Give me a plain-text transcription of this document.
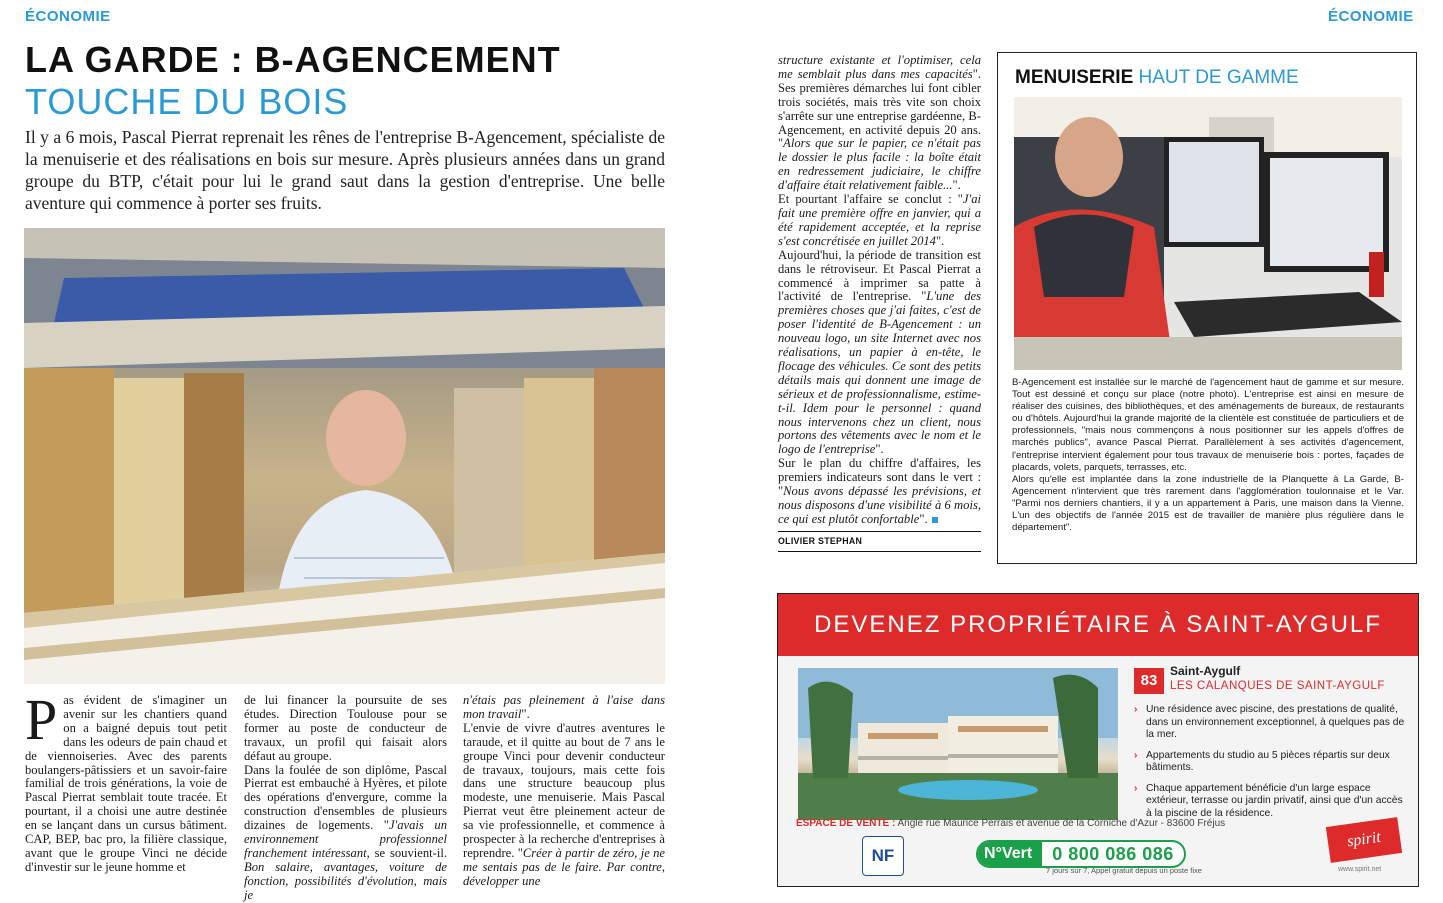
ÉCONOMIE
LA GARDE : B-AGENCEMENT
TOUCHE DU BOIS
Il y a 6 mois, Pascal Pierrat reprenait les rênes de l'entreprise B-Agencement, spécialiste de la menuiserie et des réalisations en bois sur mesure. Après plusieurs années dans un grand groupe du BTP, c'était pour lui le grand saut dans la gestion d'entreprise. Une belle aventure qui commence à porter ses fruits.
P as évident de s'imaginer un avenir sur les chantiers quand on a baigné depuis tout petit dans les odeurs de pain chaud et de viennoiseries. Avec des parents boulangers-pâtissiers et un savoir-faire familial de trois générations, la voie de Pascal Pierrat semblait toute tracée. Et pourtant, il a choisi une autre destinée en se lançant dans un cursus bâtiment. CAP, BEP, bac pro, la filière classique, avant que le groupe Vinci ne décide d'investir sur le jeune homme et

de lui financer la poursuite de ses études. Direction Toulouse pour se former au poste de conducteur de travaux, un profil qui faisait alors défaut au groupe.

Dans la foulée de son diplôme, Pascal Pierrat est embauché à Hyères, et pilote des opérations d'envergure, comme la construction d'ensembles de plusieurs dizaines de logements. "J'avais un environnement professionnel franchement intéressant, se souvient-il. Bon salaire, avantages, voiture de fonction, possibilités d'évolution, mais je

n'étais pas pleinement à l'aise dans mon travail".

L'envie de vivre d'autres aventures le taraude, et il quitte au bout de 7 ans le groupe Vinci pour devenir conducteur de travaux, toujours, mais cette fois dans une structure beaucoup plus modeste, une menuiserie. Mais Pascal Pierrat veut être pleinement acteur de sa vie professionnelle, et commence à prospecter à la recherche d'entreprises à reprendre. "Créer à partir de zéro, je ne me sentais pas de le faire. Par contre, développer une

ÉCONOMIE

structure existante et l'optimiser, cela me semblait plus dans mes capacités". Ses premières démarches lui font cibler trois sociétés, mais très vite son choix s'arrête sur une entreprise gardéenne, B-Agencement, en activité depuis 20 ans. "Alors que sur le papier, ce n'était pas le dossier le plus facile : la boîte était en redressement judiciaire, le chiffre d'affaire était relativement faible...".

Et pourtant l'affaire se conclut : "J'ai fait une première offre en janvier, qui a été rapidement acceptée, et la reprise s'est concrétisée en juillet 2014".

Aujourd'hui, la période de transition est dans le rétroviseur. Et Pascal Pierrat a commencé à imprimer sa patte à l'activité de l'entreprise. "L'une des premières choses que j'ai faites, c'est de poser l'identité de B-Agencement : un nouveau logo, un site Internet avec nos réalisations, un papier à en-tête, le flocage des véhicules. Ce sont des petits détails mais qui donnent une image de sérieux et de professionnalisme, estime-t-il. Idem pour le personnel : quand nous intervenons chez un client, nous portons des vêtements avec le nom et le logo de l'entreprise".

Sur le plan du chiffre d'affaires, les premiers indicateurs sont dans le vert : "Nous avons dépassé les prévisions, et nous disposons d'une visibilité à 6 mois, ce qui est plutôt confortable".

OLIVIER STEPHAN
MENUISERIE HAUT DE GAMME
B-Agencement est installée sur le marché de l'agencement haut de gamme et sur mesure. Tout est dessiné et conçu sur place (notre photo). L'entreprise est ainsi en mesure de réaliser des cuisines, des bibliothèques, et des aménagements de bureaux, de restaurants ou d'hôtels. Aujourd'hui la grande majorité de la clientèle est constituée de particuliers et de professionnels, "mais nous commençons à nous positionner sur les appels d'offres de marchés publics", avance Pascal Pierrat. Parallèlement à ses activités d'agencement, l'entreprise intervient également pour tous travaux de menuiserie bois : portes, façades de placards, volets, parquets, terrasses, etc.
Alors qu'elle est implantée dans la zone industrielle de la Planquette à La Garde, B-Agencement n'intervient que très rarement dans l'agglomération toulonnaise et le Var. "Parmi nos derniers chantiers, il y a un appartement à Paris, une maison dans la Vienne. L'un des objectifs de l'année 2015 est de travailler de manière plus régulière dans le département".
DEVENEZ PROPRIÉTAIRE À SAINT-AYGULF
83
Saint-Aygulf
LES CALANQUES DE SAINT-AYGULF
› Une résidence avec piscine, des prestations de qualité, dans un environnement exceptionnel, à quelques pas de la mer.
› Appartements du studio au 5 pièces répartis sur deux bâtiments.
› Chaque appartement bénéficie d'un large espace extérieur, terrasse ou jardin privatif, ainsi que d'un accès à la piscine de la résidence.
ESPACE DE VENTE : Angle rue Maurice Perrais et avenue de la Corniche d'Azur - 83600 Fréjus
NF	N°Vert	0 800 086 086
7 jours sur 7, Appel gratuit depuis un poste fixe
spirit
www.spirit.net
